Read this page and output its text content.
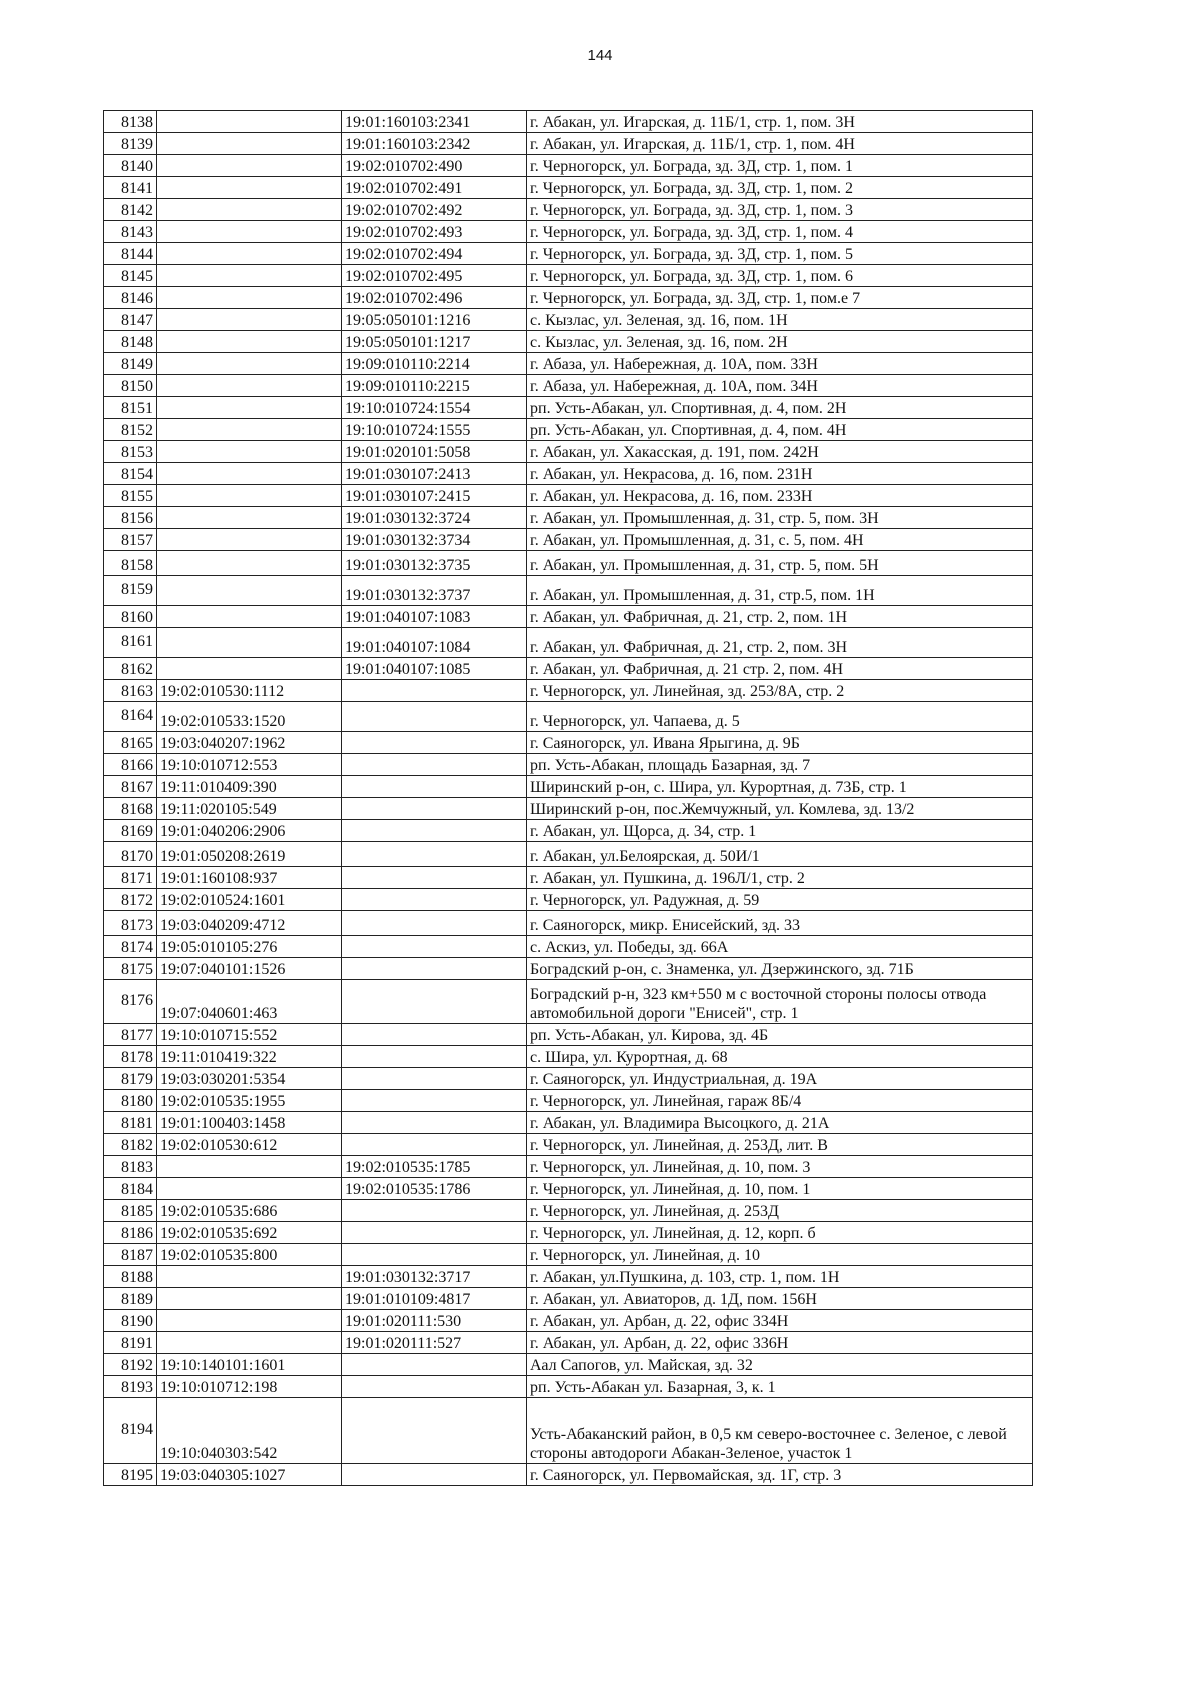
144
8138		19:01:160103:2341	г. Абакан, ул. Игарская, д. 11Б/1, стр. 1, пом. 3Н
8139		19:01:160103:2342	г. Абакан, ул. Игарская, д. 11Б/1, стр. 1, пом. 4Н
8140		19:02:010702:490	г. Черногорск, ул. Бограда, зд. 3Д, стр. 1, пом. 1
8141		19:02:010702:491	г. Черногорск, ул. Бограда, зд. 3Д, стр. 1, пом. 2
8142		19:02:010702:492	г. Черногорск, ул. Бограда, зд. 3Д, стр. 1, пом. 3
8143		19:02:010702:493	г. Черногорск, ул. Бограда, зд. 3Д, стр. 1, пом. 4
8144		19:02:010702:494	г. Черногорск, ул. Бограда, зд. 3Д, стр. 1, пом. 5
8145		19:02:010702:495	г. Черногорск, ул. Бограда, зд. 3Д, стр. 1, пом. 6
8146		19:02:010702:496	г. Черногорск, ул. Бограда, зд. 3Д, стр. 1, пом.е 7
8147		19:05:050101:1216	с. Кызлас, ул. Зеленая, зд. 16, пом. 1Н
8148		19:05:050101:1217	с. Кызлас, ул. Зеленая, зд. 16, пом. 2Н
8149		19:09:010110:2214	г. Абаза, ул. Набережная, д. 10А, пом. 33Н
8150		19:09:010110:2215	г. Абаза, ул. Набережная, д. 10А, пом. 34Н
8151		19:10:010724:1554	рп. Усть-Абакан, ул. Спортивная, д. 4, пом. 2Н
8152		19:10:010724:1555	рп. Усть-Абакан, ул. Спортивная, д. 4, пом. 4Н
8153		19:01:020101:5058	г. Абакан, ул. Хакасская, д. 191, пом. 242Н
8154		19:01:030107:2413	г. Абакан, ул. Некрасова, д. 16, пом. 231Н
8155		19:01:030107:2415	г. Абакан, ул. Некрасова, д. 16, пом. 233Н
8156		19:01:030132:3724	г. Абакан, ул. Промышленная, д. 31, стр. 5, пом. 3Н
8157		19:01:030132:3734	г. Абакан, ул. Промышленная, д. 31, с. 5, пом. 4Н
8158		19:01:030132:3735	г. Абакан, ул. Промышленная, д. 31, стр. 5, пом. 5Н
8159		19:01:030132:3737	г. Абакан, ул. Промышленная, д. 31, стр.5, пом. 1Н
8160		19:01:040107:1083	г. Абакан, ул. Фабричная, д. 21, стр. 2, пом. 1Н
8161		19:01:040107:1084	г. Абакан, ул. Фабричная, д. 21, стр. 2, пом. 3Н
8162		19:01:040107:1085	г. Абакан, ул. Фабричная, д. 21 стр. 2, пом. 4Н
8163	19:02:010530:1112		г. Черногорск, ул. Линейная, зд. 253/8А, стр. 2
8164	19:02:010533:1520		г. Черногорск, ул. Чапаева, д. 5
8165	19:03:040207:1962		г. Саяногорск, ул. Ивана Ярыгина, д. 9Б
8166	19:10:010712:553		рп. Усть-Абакан, площадь Базарная, зд. 7
8167	19:11:010409:390		Ширинский р-он, с. Шира, ул. Курортная, д. 73Б, стр. 1
8168	19:11:020105:549		Ширинский р-он, пос.Жемчужный, ул. Комлева, зд. 13/2
8169	19:01:040206:2906		г. Абакан, ул. Щорса, д. 34, стр. 1
8170	19:01:050208:2619		г. Абакан, ул.Белоярская, д. 50И/1
8171	19:01:160108:937		г. Абакан, ул. Пушкина, д. 196Л/1, стр. 2
8172	19:02:010524:1601		г. Черногорск, ул. Радужная, д. 59
8173	19:03:040209:4712		г. Саяногорск, микр. Енисейский, зд. 33
8174	19:05:010105:276		с. Аскиз, ул. Победы, зд. 66А
8175	19:07:040101:1526		Боградский р-он, с. Знаменка, ул. Дзержинского, зд. 71Б
8176	19:07:040601:463		Боградский р-н, 323 км+550 м с восточной стороны полосы отвода автомобильной дороги "Енисей", стр. 1
8177	19:10:010715:552		рп. Усть-Абакан, ул. Кирова, зд. 4Б
8178	19:11:010419:322		с. Шира, ул. Курортная, д. 68
8179	19:03:030201:5354		г. Саяногорск, ул. Индустриальная, д. 19А
8180	19:02:010535:1955		г. Черногорск, ул. Линейная, гараж 8Б/4
8181	19:01:100403:1458		г. Абакан, ул. Владимира Высоцкого, д. 21А
8182	19:02:010530:612		г. Черногорск, ул. Линейная, д. 253Д, лит. В
8183		19:02:010535:1785	г. Черногорск, ул. Линейная, д. 10, пом. 3
8184		19:02:010535:1786	г. Черногорск, ул. Линейная, д. 10, пом. 1
8185	19:02:010535:686		г. Черногорск, ул. Линейная, д. 253Д
8186	19:02:010535:692		г. Черногорск, ул. Линейная, д. 12, корп. б
8187	19:02:010535:800		г. Черногорск, ул. Линейная, д. 10
8188		19:01:030132:3717	г. Абакан, ул.Пушкина, д. 103, стр. 1, пом. 1Н
8189		19:01:010109:4817	г. Абакан, ул. Авиаторов, д. 1Д, пом. 156Н
8190		19:01:020111:530	г. Абакан, ул. Арбан, д. 22, офис 334Н
8191		19:01:020111:527	г. Абакан, ул. Арбан, д. 22, офис 336Н
8192	19:10:140101:1601		Аал Сапогов, ул. Майская, зд. 32
8193	19:10:010712:198		рп. Усть-Абакан ул. Базарная, 3, к. 1
8194	19:10:040303:542		Усть-Абаканский район, в 0,5 км северо-восточнее с. Зеленое, с левой стороны автодороги Абакан-Зеленое, участок 1
8195	19:03:040305:1027		г. Саяногорск, ул. Первомайская, зд. 1Г, стр. 3
